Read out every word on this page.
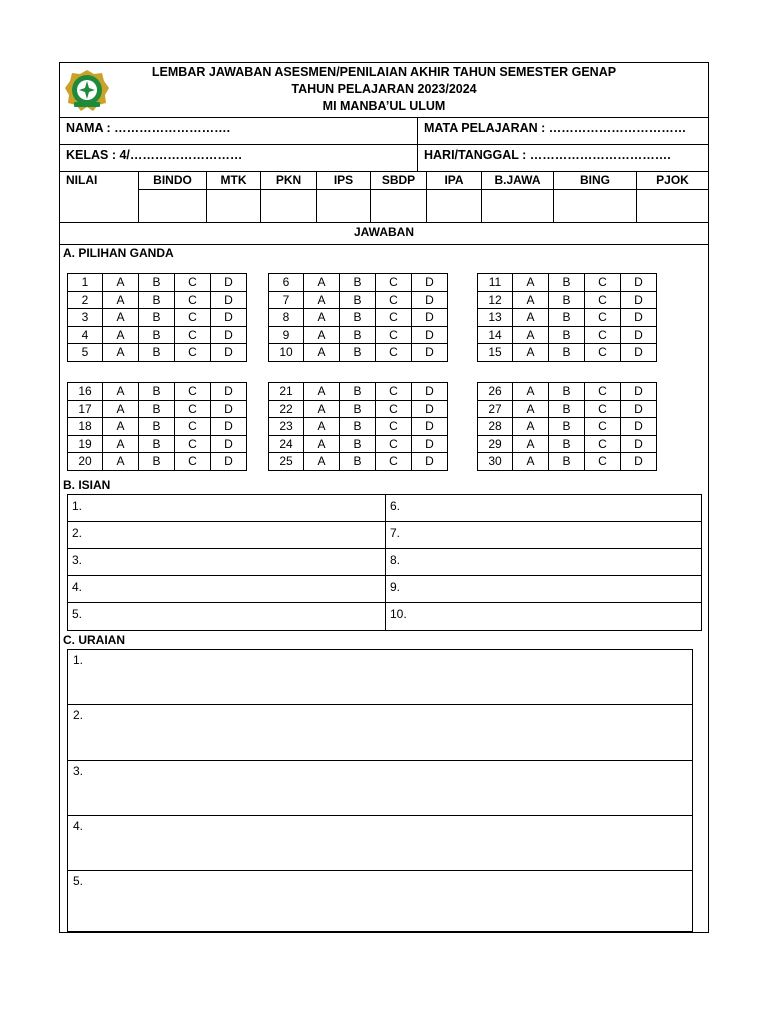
LEMBAR JAWABAN ASESMEN/PENILAIAN AKHIR TAHUN SEMESTER GENAP
TAHUN PELAJARAN 2023/2024
MI MANBA’UL ULUM
NAMA : ……………………….	MATA PELAJARAN : ……………………………
KELAS : 4/………………………	HARI/TANGGAL : …………………………….
NILAI	BINDO	MTK	PKN	IPS	SBDP	IPA	B.JAWA	BING	PJOK
JAWABAN
A. PILIHAN GANDA
1	A	B	C	D
2	A	B	C	D
3	A	B	C	D
4	A	B	C	D
5	A	B	C	D
6	A	B	C	D
7	A	B	C	D
8	A	B	C	D
9	A	B	C	D
10	A	B	C	D
11	A	B	C	D
12	A	B	C	D
13	A	B	C	D
14	A	B	C	D
15	A	B	C	D
16	A	B	C	D
17	A	B	C	D
18	A	B	C	D
19	A	B	C	D
20	A	B	C	D
21	A	B	C	D
22	A	B	C	D
23	A	B	C	D
24	A	B	C	D
25	A	B	C	D
26	A	B	C	D
27	A	B	C	D
28	A	B	C	D
29	A	B	C	D
30	A	B	C	D
B. ISIAN
1.	6.
2.	7.
3.	8.
4.	9.
5.	10.
C. URAIAN
1.
2.
3.
4.
5.
